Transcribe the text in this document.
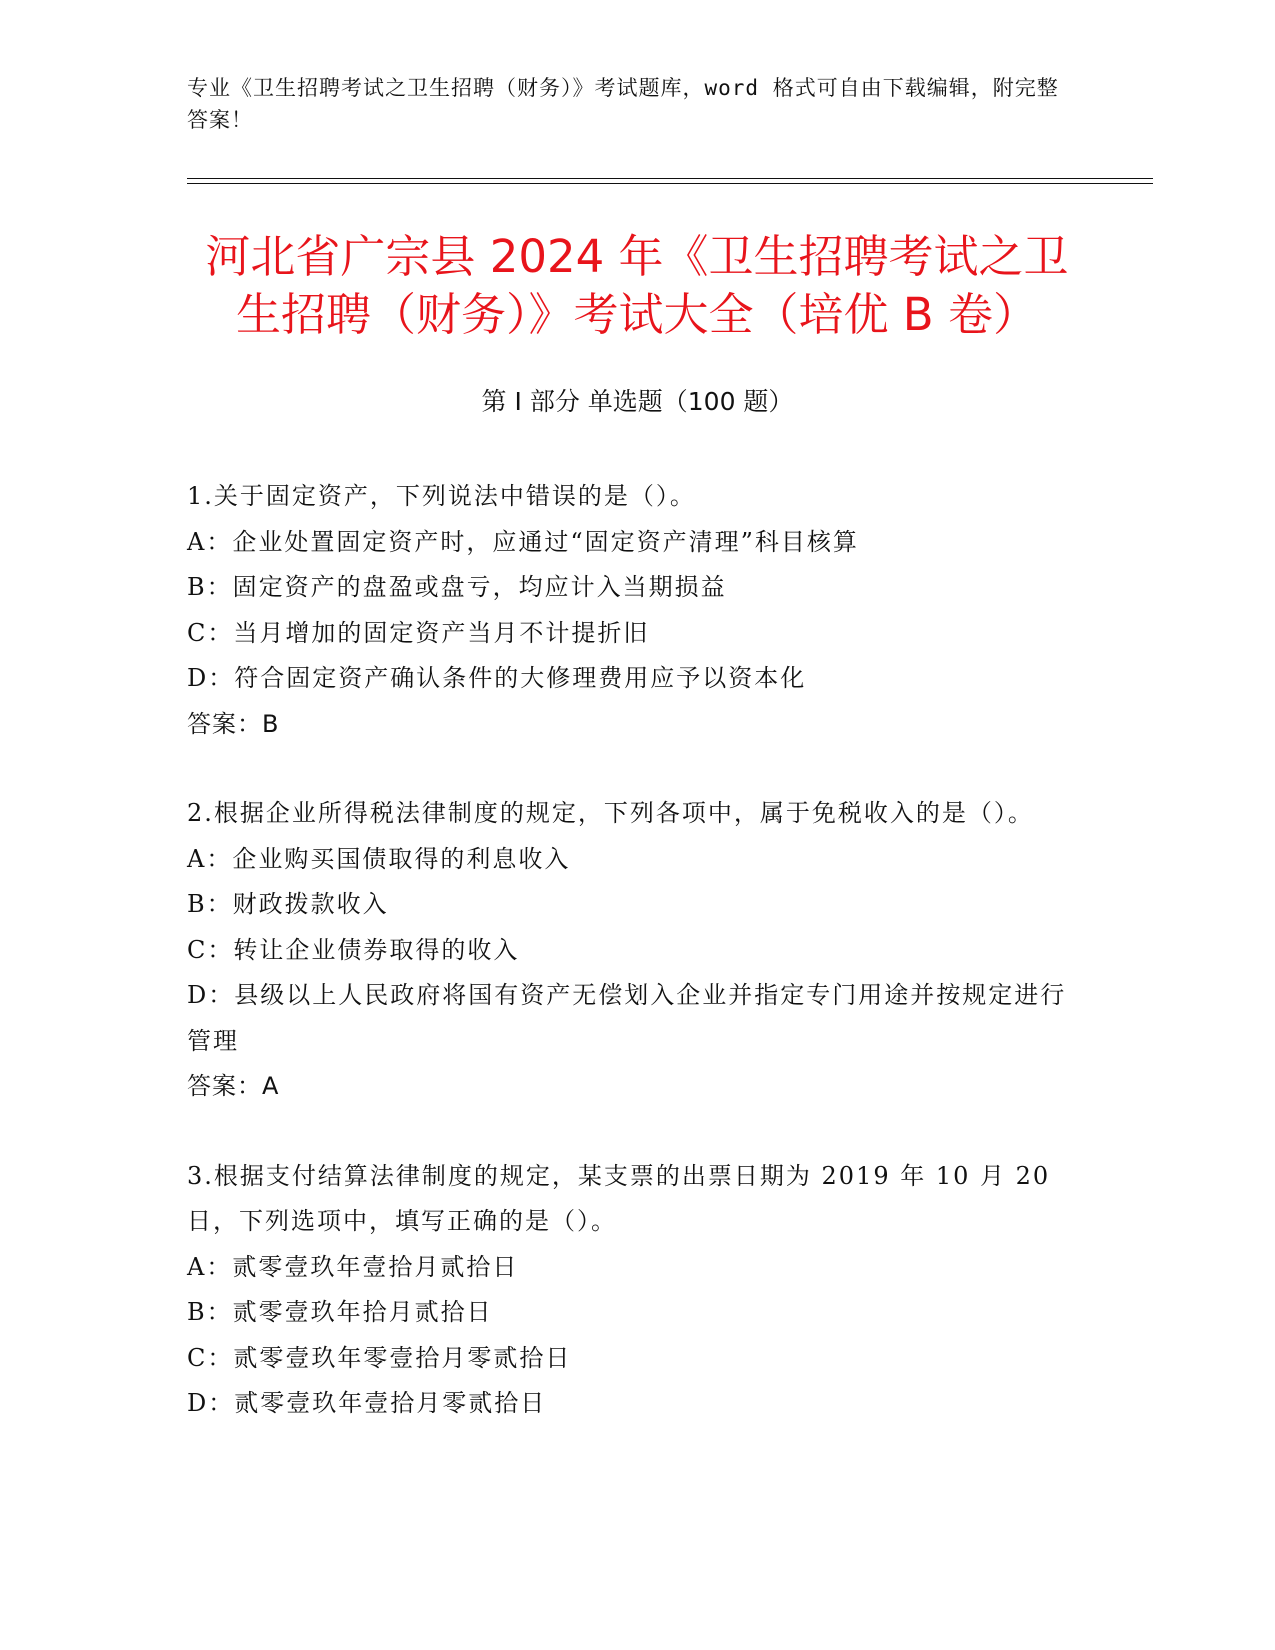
专业《卫生招聘考试之卫生招聘（财务）》考试题库，word 格式可自由下载编辑，附完整答案！
河北省广宗县 2024 年《卫生招聘考试之卫生招聘（财务）》考试大全（培优 B 卷）
第 I 部分 单选题（100 题）
1.关于固定资产，下列说法中错误的是（）。
A：企业处置固定资产时，应通过“固定资产清理”科目核算
B：固定资产的盘盈或盘亏，均应计入当期损益
C：当月增加的固定资产当月不计提折旧
D：符合固定资产确认条件的大修理费用应予以资本化
答案：B
2.根据企业所得税法律制度的规定，下列各项中，属于免税收入的是（）。
A：企业购买国债取得的利息收入
B：财政拨款收入
C：转让企业债券取得的收入
D：县级以上人民政府将国有资产无偿划入企业并指定专门用途并按规定进行管理
答案：A
3.根据支付结算法律制度的规定，某支票的出票日期为 2019 年 10 月 20 日，下列选项中，填写正确的是（）。
A：贰零壹玖年壹拾月贰拾日
B：贰零壹玖年拾月贰拾日
C：贰零壹玖年零壹拾月零贰拾日
D：贰零壹玖年壹拾月零贰拾日
